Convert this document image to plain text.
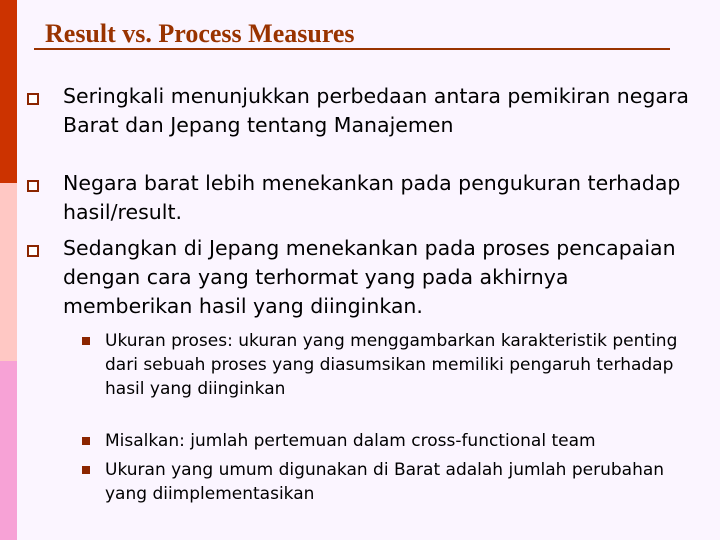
Result vs. Process Measures
Seringkali menunjukkan perbedaan antara pemikiran negara Barat dan Jepang tentang Manajemen
Negara barat lebih menekankan pada pengukuran terhadap hasil/result.
Sedangkan di Jepang menekankan pada proses pencapaian dengan cara yang terhormat yang pada akhirnya memberikan hasil yang diinginkan.
Ukuran proses: ukuran yang menggambarkan karakteristik penting dari sebuah proses yang diasumsikan memiliki pengaruh terhadap hasil yang diinginkan
Misalkan: jumlah pertemuan dalam cross-functional team
Ukuran yang umum digunakan di Barat adalah jumlah perubahan yang diimplementasikan
